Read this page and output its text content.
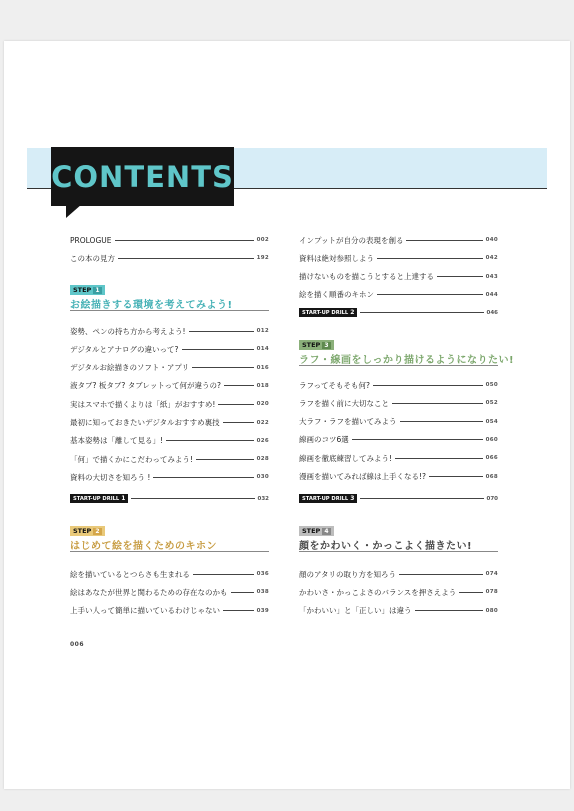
CONTENTS
PROLOGUE	002
この本の見方	192
STEP 1
お絵描きする環境を考えてみよう!
姿勢、ペンの持ち方から考えよう!	012
デジタルとアナログの違いって?	014
デジタルお絵描きのソフト・アプリ	016
液タブ? 板タブ? タブレットって何が違うの?	018
実はスマホで描くよりは「紙」がおすすめ!	020
最初に知っておきたいデジタルおすすめ裏技	022
基本姿勢は「離して見る」!	026
「何」で描くかにこだわってみよう!	028
資料の大切さを知ろう !	030
START-UP DRILL 1	032
STEP 2
はじめて絵を描くためのキホン
絵を描いているとつらさも生まれる	036
絵はあなたが世界と関わるための存在なのかも	038
上手い人って簡単に描いているわけじゃない	039
インプットが自分の表現を創る	040
資料は絶対参照しよう	042
描けないものを描こうとすると上達する	043
絵を描く順番のキホン	044
START-UP DRILL 2	046
STEP 3
ラフ・線画をしっかり描けるようになりたい!
ラフってそもそも何?	050
ラフを描く前に大切なこと	052
大ラフ・ラフを描いてみよう	054
線画のコツ6選	060
線画を徹底練習してみよう!	066
漫画を描いてみれば線は上手くなる!?	068
START-UP DRILL 3	070
STEP 4
顔をかわいく・かっこよく描きたい!
顔のアタリの取り方を知ろう	074
かわいさ・かっこよさのバランスを押さえよう	078
「かわいい」と「正しい」は違う	080
006
